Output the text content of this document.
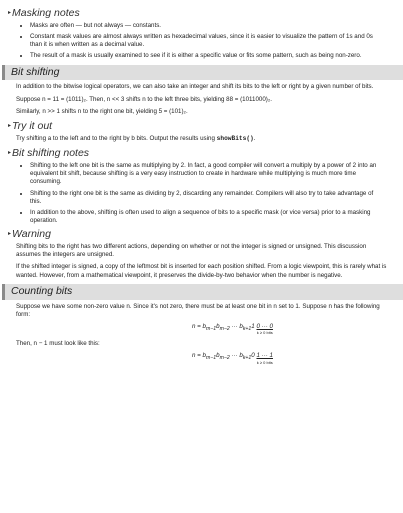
▸ Masking notes
• Masks are often — but not always — constants.
• Constant mask values are almost always written as hexadecimal values, since it is easier to visualize the pattern of 1s and 0s than it is when written as a decimal value.
• The result of a mask is usually examined to see if it is either a specific value or fits some pattern, such as being non-zero.
Bit shifting

In addition to the bitwise logical operators, we can also take an integer and shift its bits to the left or right by a given number of bits.

Suppose n = 11 = (1011)₂. Then, n << 3 shifts n to the left three bits, yielding 88 = (1011000)₂.

Similarly, n >> 1 shifts n to the right one bit, yielding 5 = (101)₂.

▸ Try it out

Try shifting a to the left and to the right by b bits. Output the results using showBits().

▸ Bit shifting notes
• Shifting to the left one bit is the same as multiplying by 2. In fact, a good compiler will convert a multiply by a power of 2 into an equivalent bit shift, because shifting is a very easy instruction to create in hardware while multiplying is much more time consuming.
• Shifting to the right one bit is the same as dividing by 2, discarding any remainder. Compilers will also try to take advantage of this.
• In addition to the above, shifting is often used to align a sequence of bits to a specific mask (or vice versa) prior to a masking operation.
▸ Warning

Shifting bits to the right has two different actions, depending on whether or not the integer is signed or unsigned. This discussion assumes the integers are unsigned.

If the shifted integer is signed, a copy of the leftmost bit is inserted for each position shifted. From a logic viewpoint, this is rarely what is wanted. However, from a mathematical viewpoint, it preserves the divide-by-two behavior when the number is negative.

Counting bits

Suppose we have some non-zero value n. Since it's not zero, there must be at least one bit in n set to 1. Suppose n has the following form:

$n = b_{m-1}b_{m-2}$ ··· $b_{k+1}1$ 0 ··· 0
k ≥ 0 bits

Then, n − 1 must look like this:

$n = b_{m-1}b_{m-2}$ ··· $b_{k+1}0$ 1 ··· 1
k ≥ 0 bits
